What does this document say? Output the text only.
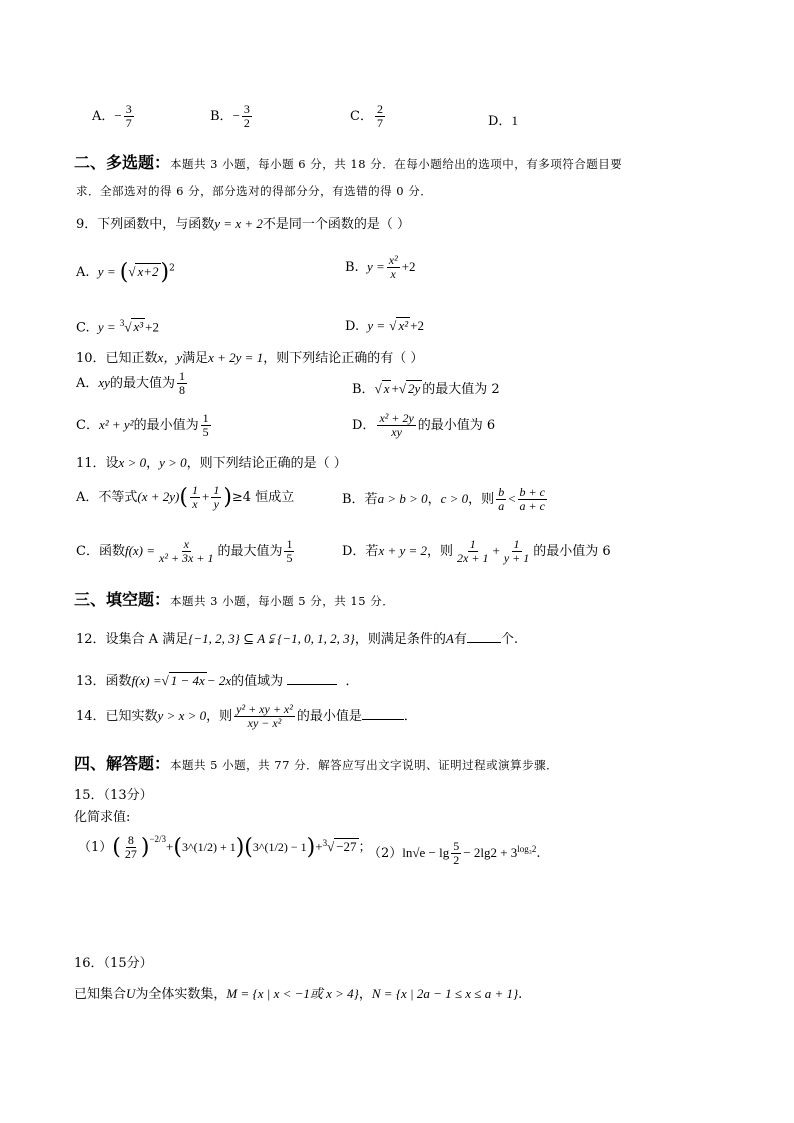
A．− $\frac{3}{7}$	B．− $\frac{3}{2}$	C． $\frac{2}{7}$	D．1
二、多选题：本题共 3 小题，每小题 6 分，共 18 分．在每小题给出的选项中，有多项符合题目要
求．全部选对的得 6 分，部分选对的得部分分，有选错的得 0 分．
9．下列函数中，与函数y = x + 2不是同一个函数的是（ ）
A. y = (√ x+2)$^2$	B. $y = \frac{\text{x²}}{x} +2$
C. y = $^3$√ x³ +2	D. y = √ x² +2
10．已知正数x，y满足x + 2y = 1，则下列结论正确的有（ ）
A．xy的最大值为 $\frac{1}{8}$	B．√ x +√ 2y 的最大值为 2
C．x² + y²的最小值为 $\frac{1}{5}$	D． $\frac{\text{x² + 2y}}{xy}$ 的最小值为 6
11．设x > 0，y > 0，则下列结论正确的是（ ）
A．不等式$(x + 2y)( \frac{1}{x} + \frac{1}{y} )\ge 4$ 恒成立	B．若a > b > 0，c > 0，则 $\frac{b}{a} < \frac{b + c}{a + c}$
C．函数$f(x) = \frac{x}{\text{x² + 3x + 1}}$ 的最大值为 $\frac{1}{5}$	D．若x + y = 2，则 $\frac{1}{2x + 1} + \frac{1}{y + 1}$ 的最小值为 6
三、填空题：本题共 3 小题，每小题 5 分，共 15 分．
12．设集合 A 满足{−1, 2, 3} ⊆ A ⫋ {−1, 0, 1, 2, 3}，则满足条件的A有	个.
13．函数f(x) =√ 1 − 4x − 2x的值域为	．
14．已知实数y > x > 0，则 $\frac{\text{y² + xy + x²}}{\text{xy − x²}}$ 的最小值是	．
四、解答题：本题共 5 小题，共 77 分．解答应写出文字说明、证明过程或演算步骤．
15．（13分）
化简求值:
$(1)( \frac{8}{27}$ )$^{-2/3}+(3\^{}(1/2)$ + 1)(3^(1/2) − 1)+$^3$√ −27 ；
$(2)\ln√e - \lg \frac{5}{2} - 2\lg 2 + 3^{log_32}$.
16．（15分）
已知集合U为全体实数集，M = {x | x < −1或 x > 4}，N = {x | 2a − 1 ≤ x ≤ a + 1}.
